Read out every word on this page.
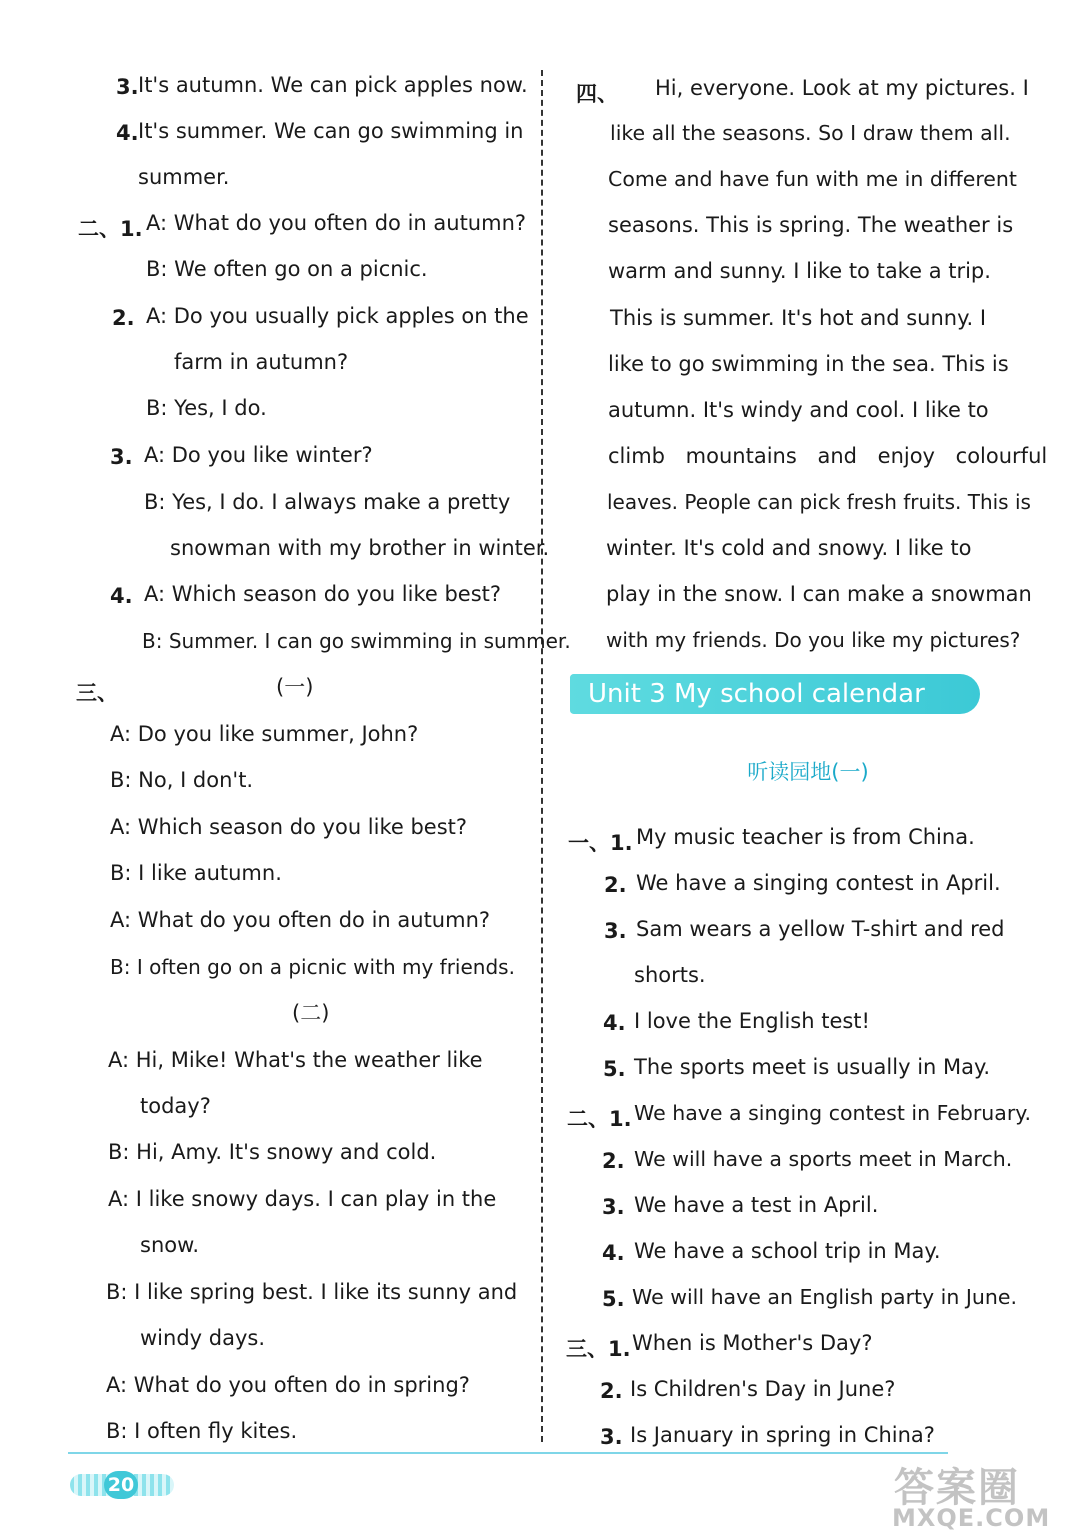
3. It's autumn. We can pick apples now.
4. It's summer. We can go swimming in
summer.
二、1. A: What do you often do in autumn?
B: We often go on a picnic.
2. A: Do you usually pick apples on the
farm in autumn?
B: Yes, I do.
3. A: Do you like winter?
B: Yes, I do. I always make a pretty
snowman with my brother in winter.
4. A: Which season do you like best?
B: Summer. I can go swimming in summer.
三、	(一)
A: Do you like summer, John?
B: No, I don't.
A: Which season do you like best?
B: I like autumn.
A: What do you often do in autumn?
B: I often go on a picnic with my friends.
(二)
A: Hi, Mike! What's the weather like
today?
B: Hi, Amy. It's snowy and cold.
A: I like snowy days. I can play in the
snow.
B: I like spring best. I like its sunny and
windy days.
A: What do you often do in spring?
B: I often fly kites.
四、 Hi, everyone. Look at my pictures. I
like all the seasons. So I draw them all.
Come and have fun with me in different
seasons. This is spring. The weather is
warm and sunny. I like to take a trip.
This is summer. It's hot and sunny. I
like to go swimming in the sea. This is
autumn. It's windy and cool. I like to
climb mountains and enjoy colourful
leaves. People can pick fresh fruits. This is
winter. It's cold and snowy. I like to
play in the snow. I can make a snowman
with my friends. Do you like my pictures?
Unit 3 My school calendar
听读园地(一)
一、1. My music teacher is from China.
2. We have a singing contest in April.
3. Sam wears a yellow T-shirt and red
shorts.
4. I love the English test!
5. The sports meet is usually in May.
二、1. We have a singing contest in February.
2. We will have a sports meet in March.
3. We have a test in April.
4. We have a school trip in May.
5. We will have an English party in June.
三、1. When is Mother's Day?
2. Is Children's Day in June?
3. Is January in spring in China?
20	答案圈
MXQE.COM
